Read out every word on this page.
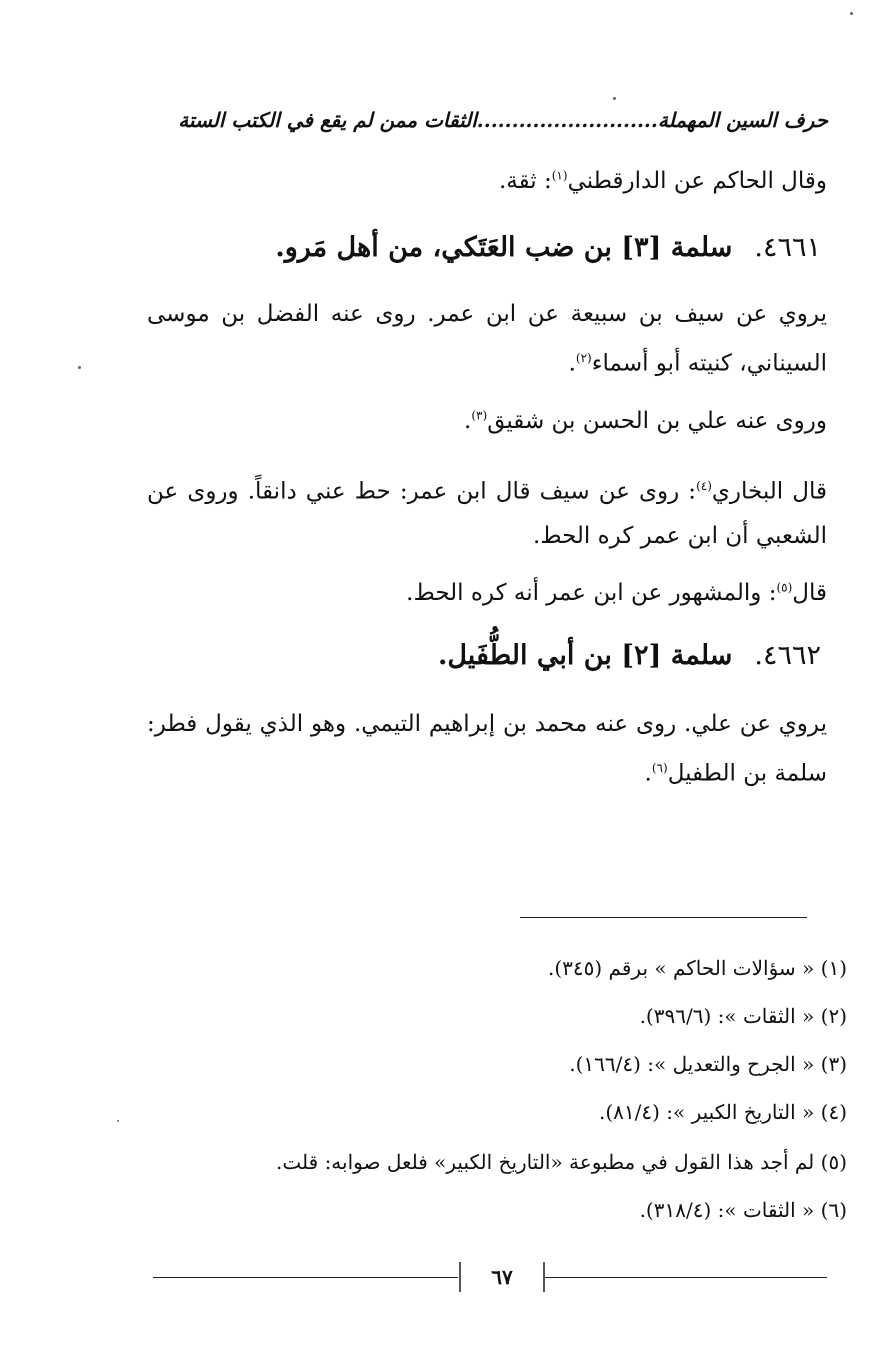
حرف السين المهملة..........................الثقات ممن لم يقع في الكتب الستة
وقال الحاكم عن الدارقطني$^{(١)}$: ثقة.
٤٦٦١.سلمة [٣] بن ضب العَتَكي، من أهل مَرو.
يروي عن سيف بن سبيعة عن ابن عمر. روى عنه الفضل بن موسى السيناني، كنيته أبو أسماء$^{(٢)}$.
وروى عنه علي بن الحسن بن شقيق$^{(٣)}$.
قال البخاري$^{(٤)}$: روى عن سيف قال ابن عمر: حط عني دانقاً. وروى عن الشعبي أن ابن عمر كره الحط.
قال$^{(٥)}$: والمشهور عن ابن عمر أنه كره الحط.
٤٦٦٢.سلمة [٢] بن أبي الطُّفَيل.
يروي عن علي. روى عنه محمد بن إبراهيم التيمي. وهو الذي يقول فطر: سلمة بن الطفيل$^{(٦)}$.
(١) « سؤالات الحاكم » برقم (٣٤٥).
(٢) « الثقات »: (٣٩٦/٦).
(٣) « الجرح والتعديل »: (١٦٦/٤).
(٤) « التاريخ الكبير »: (٨١/٤).
(٥) لم أجد هذا القول في مطبوعة «التاريخ الكبير» فلعل صوابه: قلت.
(٦) « الثقات »: (٣١٨/٤).
٦٧
